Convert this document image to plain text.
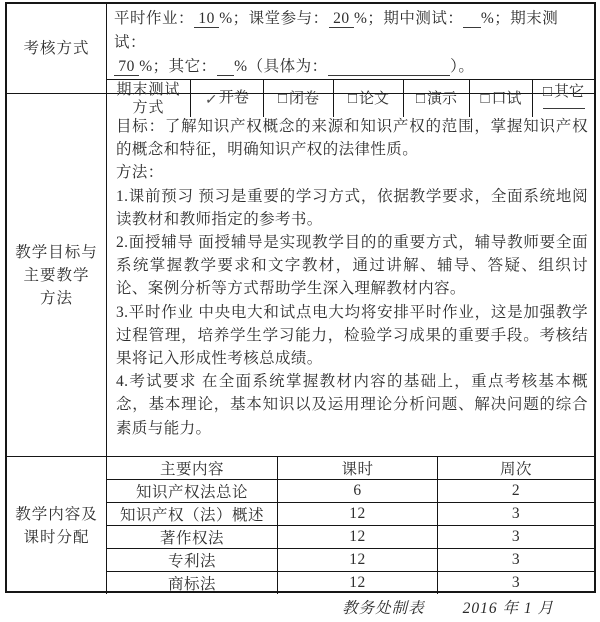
考核方式
平时作业： 10 %；课堂参与： 20 %；期中测试： %；期末测试：
70 %；其它： %（具体为：	）。
期末测试
方式	✓开卷 □ 闭卷 □ 论文 □ 演示 □ 口试 □ 其它
教学目标与
主要教学
方法
目标：了解知识产权概念的来源和知识产权的范围，掌握知识产权的概念和特征，明确知识产权的法律性质。
方法：
1.课前预习 预习是重要的学习方式，依据教学要求，全面系统地阅读教材和教师指定的参考书。
2.面授辅导 面授辅导是实现教学目的的重要方式，辅导教师要全面系统掌握教学要求和文字教材，通过讲解、辅导、答疑、组织讨论、案例分析等方式帮助学生深入理解教材内容。
3.平时作业 中央电大和试点电大均将安排平时作业，这是加强教学过程管理，培养学生学习能力，检验学习成果的重要手段。考核结果将记入形成性考核总成绩。
4.考试要求 在全面系统掌握教材内容的基础上，重点考核基本概念，基本理论，基本知识以及运用理论分析问题、解决问题的综合素质与能力。
教学内容及
课时分配
主要内容	课时	周次
知识产权法总论	6	2
知识产权（法）概述	12	3
著作权法	12	3
专利法	12	3
商标法	12	3
教务处制表 2016 年 1 月
